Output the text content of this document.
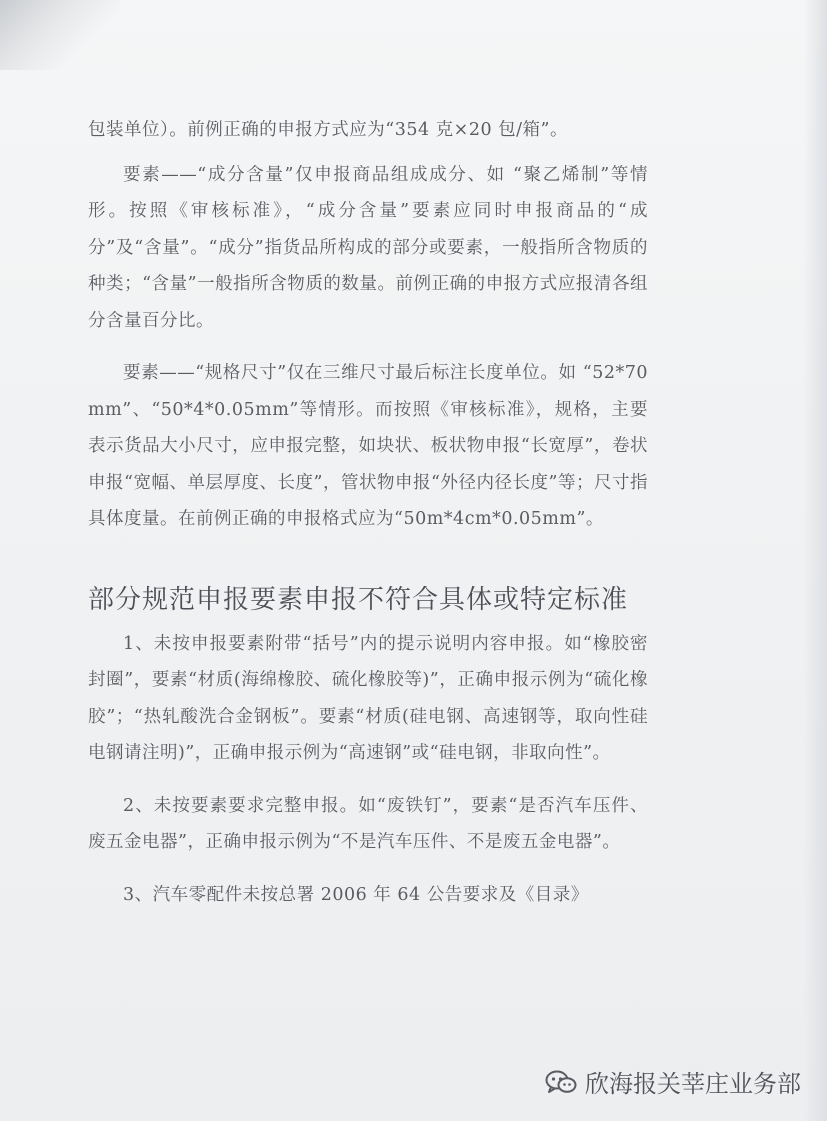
包装单位）。前例正确的申报方式应为“354 克×20 包/箱”。

要素——“成分含量”仅申报商品组成成分、如 “聚乙烯制”等情形。按照《审核标准》，“成分含量”要素应同时申报商品的“成分”及“含量”。“成分”指货品所构成的部分或要素，一般指所含物质的种类；“含量”一般指所含物质的数量。前例正确的申报方式应报清各组分含量百分比。

要素——“规格尺寸”仅在三维尺寸最后标注长度单位。如 “52*70mm”、“50*4*0.05mm”等情形。而按照《审核标准》，规格，主要表示货品大小尺寸，应申报完整，如块状、板状物申报“长宽厚”，卷状申报“宽幅、单层厚度、长度”，管状物申报“外径内径长度”等；尺寸指具体度量。在前例正确的申报格式应为“50m*4cm*0.05mm”。

部分规范申报要素申报不符合具体或特定标准

1、未按申报要素附带“括号”内的提示说明内容申报。如“橡胶密封圈”，要素“材质(海绵橡胶、硫化橡胶等)”，正确申报示例为“硫化橡胶”；“热轧酸洗合金钢板”。要素“材质(硅电钢、高速钢等，取向性硅电钢请注明)”，正确申报示例为“高速钢”或“硅电钢，非取向性”。

2、未按要素要求完整申报。如“废铁钉”，要素“是否汽车压件、废五金电器”，正确申报示例为“不是汽车压件、不是废五金电器”。

3、汽车零配件未按总署 2006 年 64 公告要求及《目录》

欣海报关莘庄业务部
